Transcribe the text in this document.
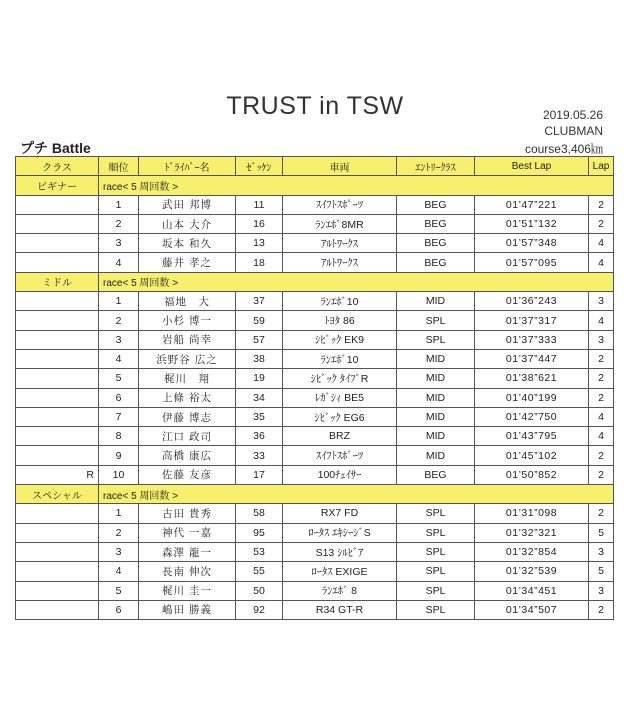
TRUST in TSW	2019.05.26
CLUBMAN
course3,406㎞
プチ Battle
クラス	順位	ﾄﾞﾗｲﾊﾞｰ名	ｾﾞｯｹﾝ	車両	ｴﾝﾄﾘｰｸﾗｽ	Best Lap	Lap
ビギナー	race< 5 周回数 >						
	1	武田 邦博	11	ｽｲﾌﾄｽﾎﾟｰﾂ	BEG	01’47”221	2
	2	山本 大介	16	ﾗﾝｴﾎﾞ8MR	BEG	01’51”132	2
	3	坂本 和久	13	ｱﾙﾄﾜｰｸｽ	BEG	01’57”348	4
	4	藤井 孝之	18	ｱﾙﾄﾜｰｸｽ	BEG	01’57”095	4
ミドル	race< 5 周回数 >						
	1	福地　大	37	ﾗﾝｴﾎﾞ10	MID	01’36”243	3
	2	小杉 博一	59	ﾄﾖﾀ 86	SPL	01’37”317	4
	3	岩船 尚幸	57	ｼﾋﾞｯｸ EK9	SPL	01’37”333	3
	4	浜野谷 広之	38	ﾗﾝｴﾎﾞ10	MID	01’37”447	2
	5	梶川　翔	19	ｼﾋﾞｯｸ ﾀｲﾌﾟR	MID	01’38”621	2
	6	上條 裕太	34	ﾚｶﾞｼｨ BE5	MID	01’40”199	2
	7	伊藤 博志	35	ｼﾋﾞｯｸ EG6	MID	01’42”750	4
	8	江口 政司	36	BRZ	MID	01’43”795	4
	9	高橋 康広	33	ｽｲﾌﾄｽﾎﾟｰﾂ	MID	01’45”102	2
R	10	佐藤 友彦	17	100ﾁｪｲｻｰ	BEG	01’50”852	2
スペシャル	race< 5 周回数 >						
	1	古田 貴秀	58	RX7 FD	SPL	01’31”098	2
	2	神代 一嘉	95	ﾛｰﾀｽ ｴｷｼｰｼﾞS	SPL	01’32”321	5
	3	森澤 龍一	53	S13 ｼﾙﾋﾞｱ	SPL	01’32”854	3
	4	長南 伸次	55	ﾛｰﾀｽ EXIGE	SPL	01’32”539	5
	5	梶川 圭一	50	ﾗﾝｴﾎﾞ 8	SPL	01’34”451	3
	6	嶋田 勝義	92	R34 GT-R	SPL	01’34”507	2
